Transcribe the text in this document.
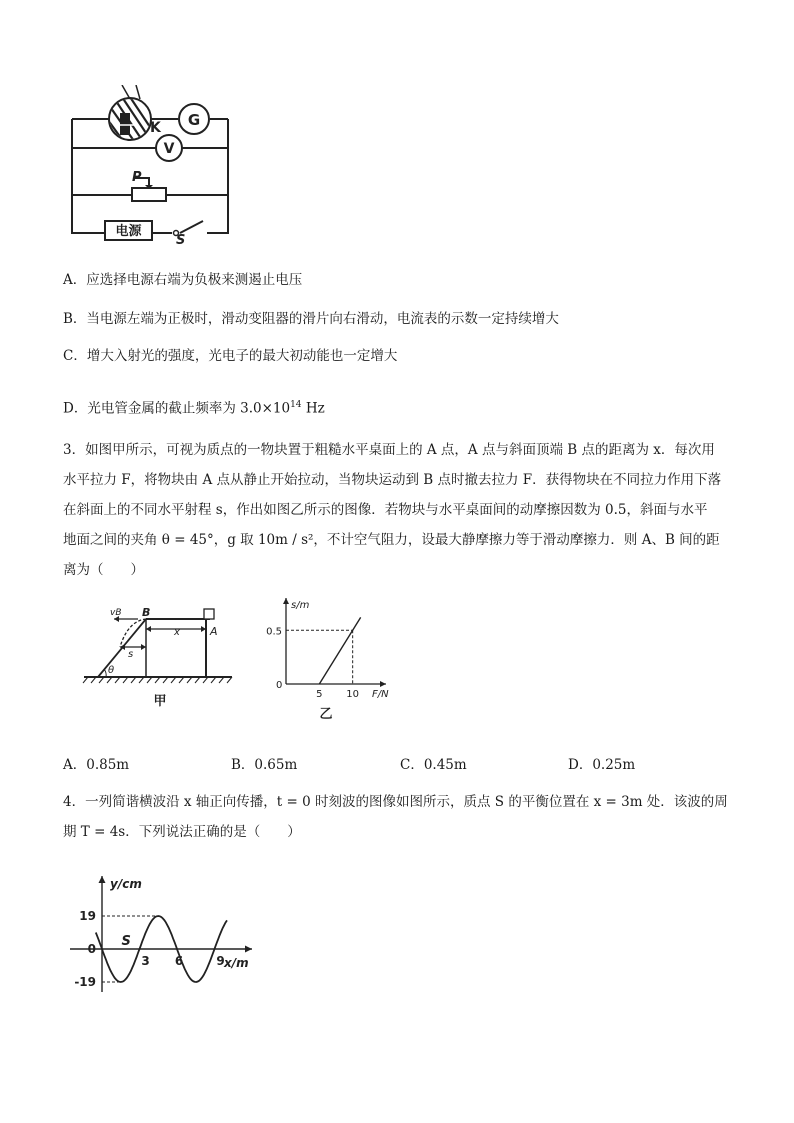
K G
V
P
电源
S
A．应选择电源右端为负极来测遏止电压
B．当电源左端为正极时，滑动变阻器的滑片向右滑动，电流表的示数一定持续增大
C．增大入射光的强度，光电子的最大初动能也一定增大
D．光电管金属的截止频率为 $3.0\times 10^{14}$ Hz
3．如图甲所示，可视为质点的一物块置于粗糙水平桌面上的 A 点，A 点与斜面顶端 B 点的距离为 x．每次用
水平拉力 F，将物块由 A 点从静止开始拉动，当物块运动到 B 点时撤去拉力 F．获得物块在不同拉力作用下落
在斜面上的不同水平射程 s，作出如图乙所示的图像．若物块与水平桌面间的动摩擦因数为 0.5，斜面与水平
地面之间的夹角 θ = 45°，g 取 10m / s²，不计空气阻力，设最大静摩擦力等于滑动摩擦力．则 A、B 间的距
离为（　　）
vB B
x	A
s
θ
甲
s/m
F/N
0
5 10
0.5
乙
A．0.85m	B．0.65m	C．0.45m	D．0.25m
4．一列简谐横波沿 x 轴正向传播，t = 0 时刻波的图像如图所示，质点 S 的平衡位置在 x = 3m 处．该波的周
期 T = 4s．下列说法正确的是（　　）
y/cm
x/m
19
0
-19
3 6	9
S
